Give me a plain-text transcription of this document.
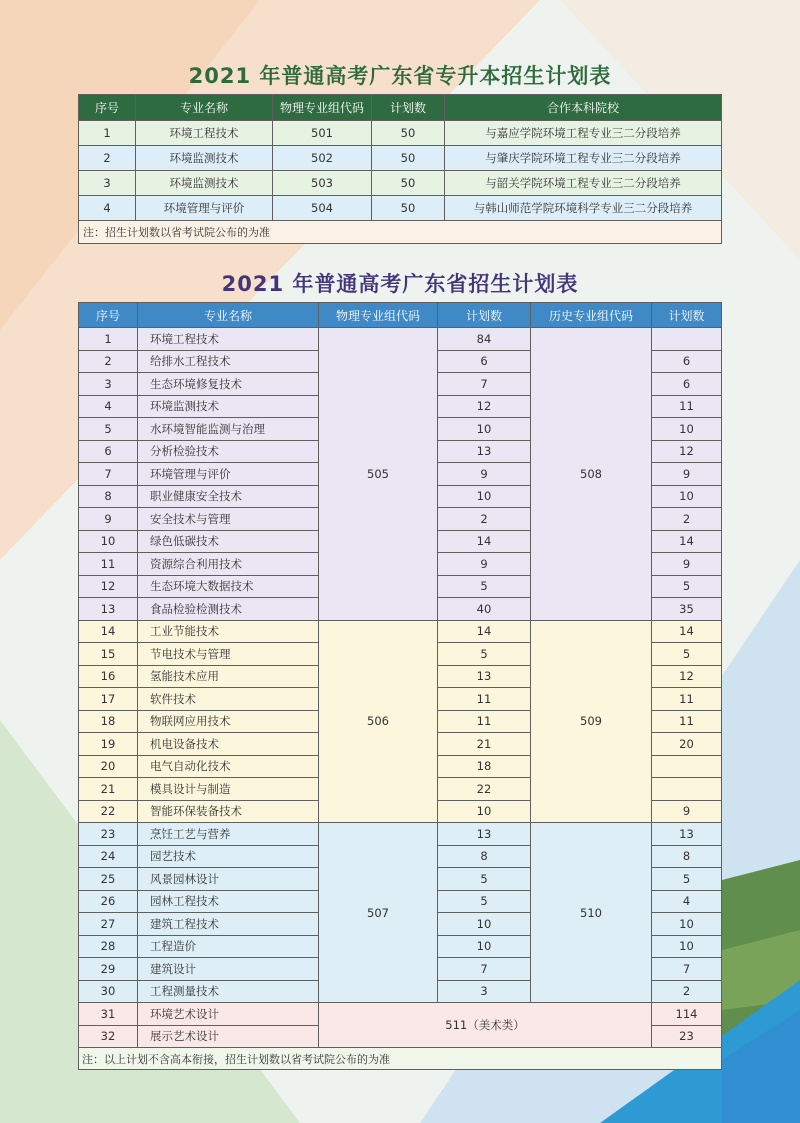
2021 年普通高考广东省专升本招生计划表
序号	专业名称	物理专业组代码	计划数	合作本科院校
1	环境工程技术	501	50	与嘉应学院环境工程专业三二分段培养
2	环境监测技术	502	50	与肇庆学院环境工程专业三二分段培养
3	环境监测技术	503	50	与韶关学院环境工程专业三二分段培养
4	环境管理与评价	504	50	与韩山师范学院环境科学专业三二分段培养
注：招生计划数以省考试院公布的为准				
2021 年普通高考广东省招生计划表
序号	专业名称	物理专业组代码	计划数	历史专业组代码	计划数
1	环境工程技术	505	84	508	
2	给排水工程技术		6		6
3	生态环境修复技术		7		6
4	环境监测技术		12		11
5	水环境智能监测与治理		10		10
6	分析检验技术		13		12
7	环境管理与评价		9		9
8	职业健康安全技术		10		10
9	安全技术与管理		2		2
10	绿色低碳技术		14		14
11	资源综合利用技术		9		9
12	生态环境大数据技术		5		5
13	食品检验检测技术		40		35
14	工业节能技术	506	14	509	14
15	节电技术与管理		5		5
16	氢能技术应用		13		12
17	软件技术		11		11
18	物联网应用技术		11		11
19	机电设备技术		21		20
20	电气自动化技术		18		
21	模具设计与制造		22		
22	智能环保装备技术		10		9
23	烹饪工艺与营养	507	13	510	13
24	园艺技术		8		8
25	风景园林设计		5		5
26	园林工程技术		5		4
27	建筑工程技术		10		10
28	工程造价		10		10
29	建筑设计		7		7
30	工程测量技术		3		2
31	环境艺术设计	511（美术类）			114
32	展示艺术设计				23
注：以上计划不含高本衔接，招生计划数以省考试院公布的为准					
